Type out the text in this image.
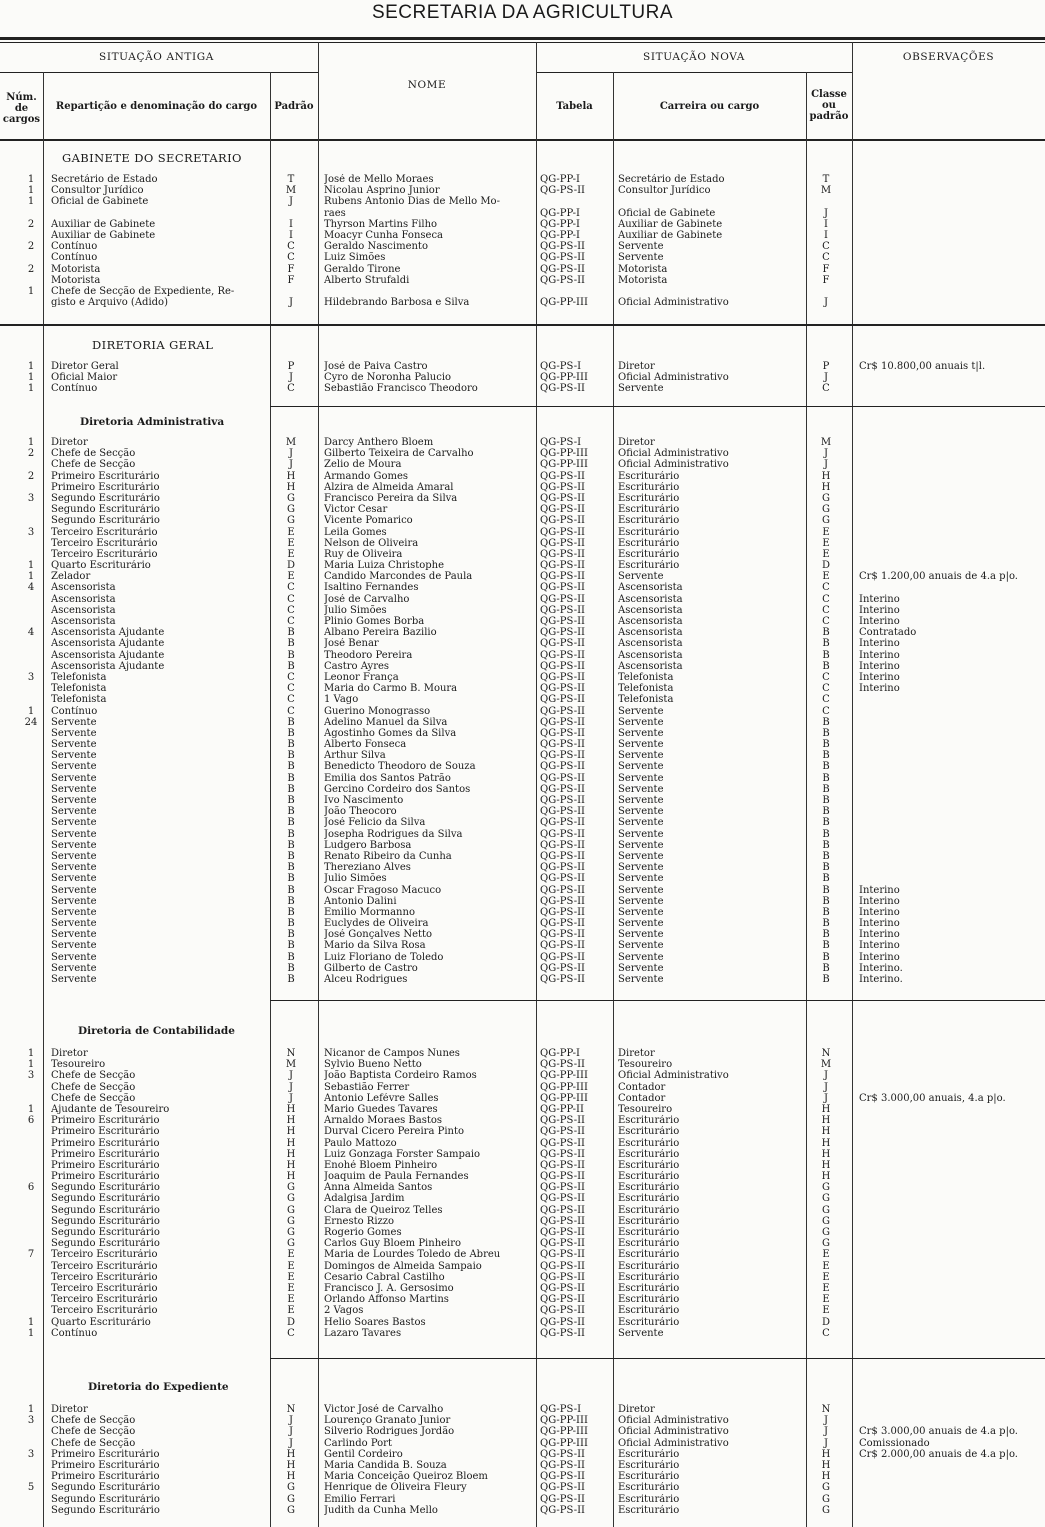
SECRETARIA DA AGRICULTURA
SITUAÇÃO ANTIGA
NOME
SITUAÇÃO NOVA	OBSERVAÇÕES
Núm.
de
cargos
Repartição e denominação do cargo	Padrão	Tabela	Carreira ou cargo
Classe
ou
padrão
GABINETE DO SECRETARIO
DIRETORIA GERAL
Diretoria Administrativa
Diretoria de Contabilidade
Diretoria do Expediente
1	Secretário de Estado	T	José de Mello Moraes	QG-PP-I	Secretário de Estado	T
1	Consultor Jurídico	M	Nicolau Asprino Junior	QG-PS-II	Consultor Jurídico	M
1	Oficial de Gabinete	J	Rubens Antonio Dias de Mello Mo-
raes	QG-PP-I	Oficial de Gabinete	J
2	Auxiliar de Gabinete	I	Thyrson Martins Filho	QG-PP-I	Auxiliar de Gabinete	I
Auxiliar de Gabinete	I	Moacyr Cunha Fonseca	QG-PP-I	Auxiliar de Gabinete	I
2	Contínuo	C	Geraldo Nascimento	QG-PS-II	Servente	C
Contínuo	C	Luiz Simões	QG-PS-II	Servente	C
2	Motorista	F	Geraldo Tirone	QG-PS-II	Motorista	F
Motorista	F	Alberto Strufaldi	QG-PS-II	Motorista	F
1	Chefe de Secção de Expediente, Re-
gisto e Arquivo (Adido)	J	Hildebrando Barbosa e Silva	QG-PP-III	Oficial Administrativo	J
1	Diretor Geral	P	José de Paiva Castro	QG-PS-I	Diretor	P	Cr$ 10.800,00 anuais t|l.
1	Oficial Maior	J	Cyro de Noronha Palucio	QG-PP-III	Oficial Administrativo	J
1	Contínuo	C	Sebastião Francisco Theodoro	QG-PS-II	Servente	C
1	Diretor	M	Darcy Anthero Bloem	QG-PS-I	Diretor	M
2	Chefe de Secção	J	Gilberto Teixeira de Carvalho	QG-PP-III	Oficial Administrativo	J
Chefe de Secção	J	Zelio de Moura	QG-PP-III	Oficial Administrativo	J
2	Primeiro Escriturário	H	Armando Gomes	QG-PS-II	Escriturário	H
Primeiro Escriturário	H	Alzira de Almeida Amaral	QG-PS-II	Escriturário	H
3	Segundo Escriturário	G	Francisco Pereira da Silva	QG-PS-II	Escriturário	G
Segundo Escriturário	G	Victor Cesar	QG-PS-II	Escriturário	G
Segundo Escriturário	G	Vicente Pomarico	QG-PS-II	Escriturário	G
3	Terceiro Escriturário	E	Leila Gomes	QG-PS-II	Escriturário	E
Terceiro Escriturário	E	Nelson de Oliveira	QG-PS-II	Escriturário	E
Terceiro Escriturário	E	Ruy de Oliveira	QG-PS-II	Escriturário	E
1	Quarto Escriturário	D	Maria Luiza Christophe	QG-PS-II	Escriturário	D
1	Zelador	E	Candido Marcondes de Paula	QG-PS-II	Servente	E	Cr$ 1.200,00 anuais de 4.a p|o.
4	Ascensorista	C	Isaltino Fernandes	QG-PS-II	Ascensorista	C
Ascensorista	C	José de Carvalho	QG-PS-II	Ascensorista	C	Interino
Ascensorista	C	Julio Simões	QG-PS-II	Ascensorista	C	Interino
Ascensorista	C	Plinio Gomes Borba	QG-PS-II	Ascensorista	C	Interino
4	Ascensorista Ajudante	B	Albano Pereira Bazilio	QG-PS-II	Ascensorista	B	Contratado
Ascensorista Ajudante	B	José Benar	QG-PS-II	Ascensorista	B	Interino
Ascensorista Ajudante	B	Theodoro Pereira	QG-PS-II	Ascensorista	B	Interino
Ascensorista Ajudante	B	Castro Ayres	QG-PS-II	Ascensorista	B	Interino
3	Telefonista	C	Leonor França	QG-PS-II	Telefonista	C	Interino
Telefonista	C	Maria do Carmo B. Moura	QG-PS-II	Telefonista	C	Interino
Telefonista	C	1 Vago	QG-PS-II	Telefonista	C
1	Contínuo	C	Guerino Monograsso	QG-PS-II	Servente	C
24	Servente	B	Adelino Manuel da Silva	QG-PS-II	Servente	B
Servente	B	Agostinho Gomes da Silva	QG-PS-II	Servente	B
Servente	B	Alberto Fonseca	QG-PS-II	Servente	B
Servente	B	Arthur Silva	QG-PS-II	Servente	B
Servente	B	Benedicto Theodoro de Souza	QG-PS-II	Servente	B
Servente	B	Emilia dos Santos Patrão	QG-PS-II	Servente	B
Servente	B	Gercino Cordeiro dos Santos	QG-PS-II	Servente	B
Servente	B	Ivo Nascimento	QG-PS-II	Servente	B
Servente	B	João Theocoro	QG-PS-II	Servente	B
Servente	B	José Felicio da Silva	QG-PS-II	Servente	B
Servente	B	Josepha Rodrigues da Silva	QG-PS-II	Servente	B
Servente	B	Ludgero Barbosa	QG-PS-II	Servente	B
Servente	B	Renato Ribeiro da Cunha	QG-PS-II	Servente	B
Servente	B	Thereziano Alves	QG-PS-II	Servente	B
Servente	B	Julio Simões	QG-PS-II	Servente	B
Servente	B	Oscar Fragoso Macuco	QG-PS-II	Servente	B	Interino
Servente	B	Antonio Dalini	QG-PS-II	Servente	B	Interino
Servente	B	Emilio Mormanno	QG-PS-II	Servente	B	Interino
Servente	B	Euclydes de Oliveira	QG-PS-II	Servente	B	Interino
Servente	B	José Gonçalves Netto	QG-PS-II	Servente	B	Interino
Servente	B	Mario da Silva Rosa	QG-PS-II	Servente	B	Interino
Servente	B	Luiz Floriano de Toledo	QG-PS-II	Servente	B	Interino
Servente	B	Gilberto de Castro	QG-PS-II	Servente	B	Interino.
Servente	B	Alceu Rodrigues	QG-PS-II	Servente	B	Interino.
1	Diretor	N	Nicanor de Campos Nunes	QG-PP-I	Diretor	N
1	Tesoureiro	M	Sylvio Bueno Netto	QG-PS-II	Tesoureiro	M
3	Chefe de Secção	J	João Baptista Cordeiro Ramos	QG-PP-III	Oficial Administrativo	J
Chefe de Secção	J	Sebastião Ferrer	QG-PP-III	Contador	J
Chefe de Secção	J	Antonio Lefévre Salles	QG-PP-III	Contador	J	Cr$ 3.000,00 anuais, 4.a p|o.
1	Ajudante de Tesoureiro	H	Mario Guedes Tavares	QG-PP-II	Tesoureiro	H
6	Primeiro Escriturário	H	Arnaldo Moraes Bastos	QG-PS-II	Escriturário	H
Primeiro Escriturário	H	Durval Cicero Pereira Pinto	QG-PS-II	Escriturário	H
Primeiro Escriturário	H	Paulo Mattozo	QG-PS-II	Escriturário	H
Primeiro Escriturário	H	Luiz Gonzaga Forster Sampaio	QG-PS-II	Escriturário	H
Primeiro Escriturário	H	Enohé Bloem Pinheiro	QG-PS-II	Escriturário	H
Primeiro Escriturário	H	Joaquim de Paula Fernandes	QG-PS-II	Escriturário	H
6	Segundo Escriturário	G	Anna Almeida Santos	QG-PS-II	Escriturário	G
Segundo Escriturário	G	Adalgisa Jardim	QG-PS-II	Escriturário	G
Segundo Escriturário	G	Clara de Queiroz Telles	QG-PS-II	Escriturário	G
Segundo Escriturário	G	Ernesto Rizzo	QG-PS-II	Escriturário	G
Segundo Escriturário	G	Rogerio Gomes	QG-PS-II	Escriturário	G
Segundo Escriturário	G	Carlos Guy Bloem Pinheiro	QG-PS-II	Escriturário	G
7	Terceiro Escriturário	E	Maria de Lourdes Toledo de Abreu	QG-PS-II	Escriturário	E
Terceiro Escriturário	E	Domingos de Almeida Sampaio	QG-PS-II	Escriturário	E
Terceiro Escriturário	E	Cesario Cabral Castilho	QG-PS-II	Escriturário	E
Terceiro Escriturário	E	Francisco J. A. Gersosimo	QG-PS-II	Escriturário	E
Terceiro Escriturário	E	Orlando Affonso Martins	QG-PS-II	Escriturário	E
Terceiro Escriturário	E	2 Vagos	QG-PS-II	Escriturário	E
1	Quarto Escriturário	D	Helio Soares Bastos	QG-PS-II	Escriturário	D
1	Contínuo	C	Lazaro Tavares	QG-PS-II	Servente	C
1	Diretor	N	Victor José de Carvalho	QG-PS-I	Diretor	N
3	Chefe de Secção	J	Lourenço Granato Junior	QG-PP-III	Oficial Administrativo	J
Chefe de Secção	J	Silverio Rodrigues Jordão	QG-PP-III	Oficial Administrativo	J	Cr$ 3.000,00 anuais de 4.a p|o.
Chefe de Secção	J	Carlindo Port	QG-PP-III	Oficial Administrativo	J	Comissionado
3	Primeiro Escriturário	H	Gentil Cordeiro	QG-PS-II	Escriturário	H	Cr$ 2.000,00 anuais de 4.a p|o.
Primeiro Escriturário	H	Maria Candida B. Souza	QG-PS-II	Escriturário	H
Primeiro Escriturário	H	Maria Conceição Queiroz Bloem	QG-PS-II	Escriturário	H
5	Segundo Escriturário	G	Henrique de Oliveira Fleury	QG-PS-II	Escriturário	G
Segundo Escriturário	G	Emilio Ferrari	QG-PS-II	Escriturário	G
Segundo Escriturário	G	Judith da Cunha Mello	QG-PS-II	Escriturário	G
